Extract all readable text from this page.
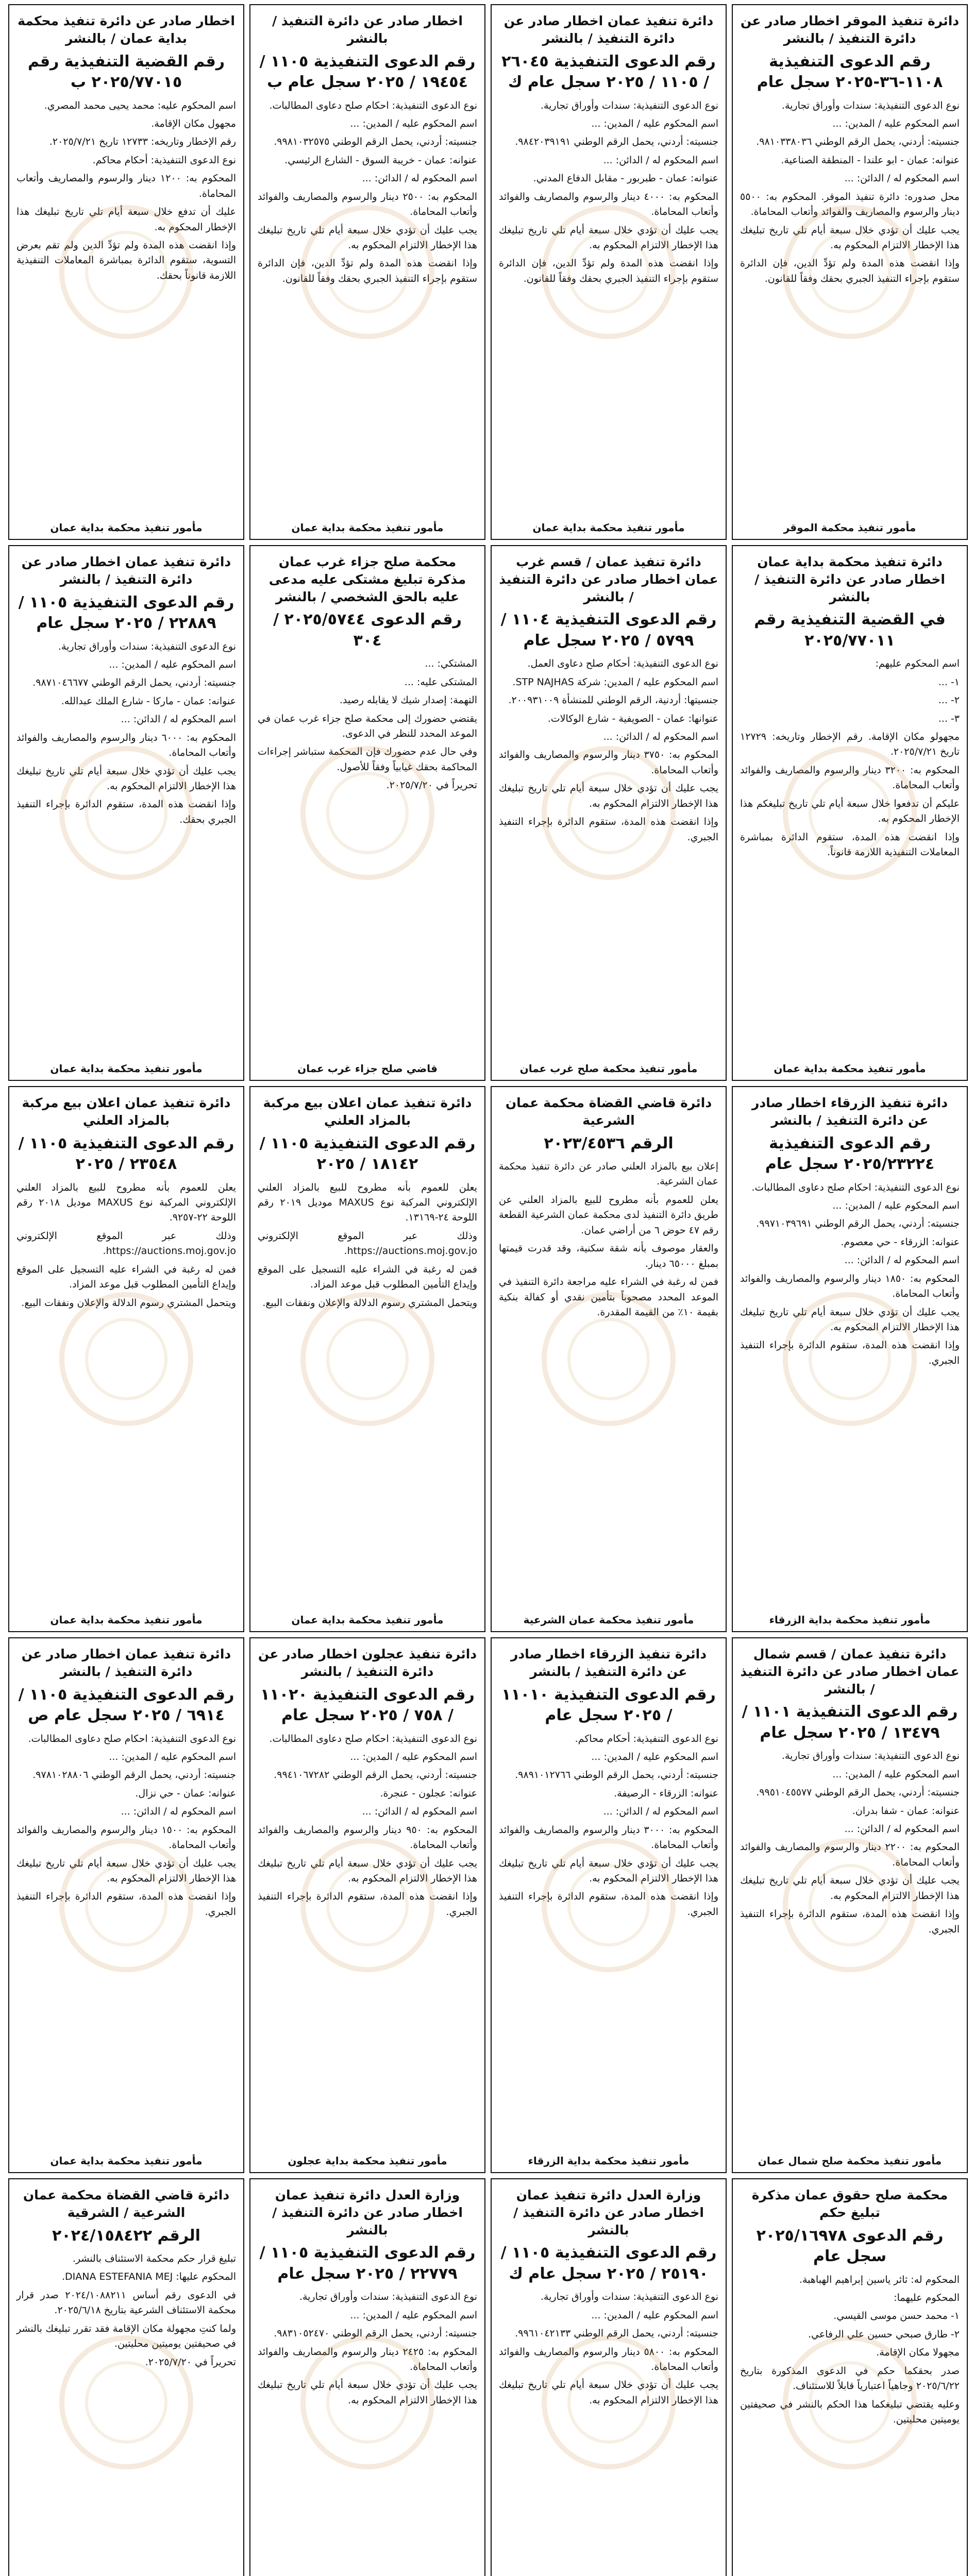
دائرة تنفيذ الموقر اخطار صادر عن دائرة التنفيذ / بالنشر
رقم الدعوى التنفيذية ١١٠٨-٣٦-٢٠٢٥ سجل عام

نوع الدعوى التنفيذية: سندات وأوراق تجارية.

اسم المحكوم عليه / المدين: ...

جنسيته: أردني، يحمل الرقم الوطني ٩٨١٠٣٣٨٠٣٦.

عنوانه: عمان - ابو علندا - المنطقة الصناعية.

اسم المحكوم له / الدائن: ...

محل صدوره: دائرة تنفيذ الموقر. المحكوم به: ٥٥٠٠ دينار والرسوم والمصاريف والفوائد وأتعاب المحاماة.

يجب عليك أن تؤدي خلال سبعة أيام تلي تاريخ تبليغك هذا الإخطار الالتزام المحكوم به.

وإذا انقضت هذه المدة ولم تؤدِّ الدين، فإن الدائرة ستقوم بإجراء التنفيذ الجبري بحقك وفقاً للقانون.

مأمور تنفيذ محكمة الموقر
دائرة تنفيذ عمان اخطار صادر عن دائرة التنفيذ / بالنشر
رقم الدعوى التنفيذية ٢٦٠٤٥ / ١١٠٥ / ٢٠٢٥ سجل عام ك

نوع الدعوى التنفيذية: سندات وأوراق تجارية.

اسم المحكوم عليه / المدين: ...

جنسيته: أردني، يحمل الرقم الوطني ٩٨٤٢٠٣٩١٩١.

اسم المحكوم له / الدائن: ...

عنوانه: عمان - طبربور - مقابل الدفاع المدني.

المحكوم به: ٤٠٠٠ دينار والرسوم والمصاريف والفوائد وأتعاب المحاماة.

يجب عليك أن تؤدي خلال سبعة أيام تلي تاريخ تبليغك هذا الإخطار الالتزام المحكوم به.

وإذا انقضت هذه المدة ولم تؤدِّ الدين، فإن الدائرة ستقوم بإجراء التنفيذ الجبري بحقك وفقاً للقانون.

مأمور تنفيذ محكمة بداية عمان
اخطار صادر عن دائرة التنفيذ / بالنشر
رقم الدعوى التنفيذية ١١٠٥ / ١٩٤٥٤ / ٢٠٢٥ سجل عام ب

نوع الدعوى التنفيذية: احكام صلح دعاوى المطالبات.

اسم المحكوم عليه / المدين: ...

جنسيته: أردني، يحمل الرقم الوطني ٩٩٨١٠٣٢٥٧٥.

عنوانه: عمان - خريبة السوق - الشارع الرئيسي.

اسم المحكوم له / الدائن: ...

المحكوم به: ٢٥٠٠ دينار والرسوم والمصاريف والفوائد وأتعاب المحاماة.

يجب عليك أن تؤدي خلال سبعة أيام تلي تاريخ تبليغك هذا الإخطار الالتزام المحكوم به.

وإذا انقضت هذه المدة ولم تؤدِّ الدين، فإن الدائرة ستقوم بإجراء التنفيذ الجبري بحقك وفقاً للقانون.

مأمور تنفيذ محكمة بداية عمان
اخطار صادر عن دائرة تنفيذ محكمة بداية عمان / بالنشر
رقم القضية التنفيذية رقم ٢٠٢٥/٧٧٠١٥ ب

اسم المحكوم عليه: محمد يحيى محمد المصري.

مجهول مكان الإقامة.

رقم الإخطار وتاريخه: ١٢٧٣٣ تاريخ ٢٠٢٥/٧/٢١.

نوع الدعوى التنفيذية: أحكام محاكم.

المحكوم به: ١٢٠٠ دينار والرسوم والمصاريف وأتعاب المحاماة.

عليك أن تدفع خلال سبعة أيام تلي تاريخ تبليغك هذا الإخطار المحكوم به.

وإذا انقضت هذه المدة ولم تؤدِّ الدين ولم تقم بعرض التسوية، ستقوم الدائرة بمباشرة المعاملات التنفيذية اللازمة قانوناً بحقك.

مأمور تنفيذ محكمة بداية عمان
دائرة تنفيذ محكمة بداية عمان اخطار صادر عن دائرة التنفيذ / بالنشر
في القضية التنفيذية رقم ٢٠٢٥/٧٧٠١١

اسم المحكوم عليهم:

١- ...

٢- ...

٣- ...

مجهولو مكان الإقامة. رقم الإخطار وتاريخه: ١٢٧٢٩ تاريخ ٢٠٢٥/٧/٢١.

المحكوم به: ٣٢٠٠ دينار والرسوم والمصاريف والفوائد وأتعاب المحاماة.

عليكم أن تدفعوا خلال سبعة أيام تلي تاريخ تبليغكم هذا الإخطار المحكوم به.

وإذا انقضت هذه المدة، ستقوم الدائرة بمباشرة المعاملات التنفيذية اللازمة قانوناً.

مأمور تنفيذ محكمة بداية عمان
دائرة تنفيذ عمان / قسم غرب عمان اخطار صادر عن دائرة التنفيذ / بالنشر
رقم الدعوى التنفيذية ١١٠٤ / ٥٧٩٩ / ٢٠٢٥ سجل عام

نوع الدعوى التنفيذية: أحكام صلح دعاوى العمل.

اسم المحكوم عليه / المدين: شركة STP NAJHAS.

جنسيتها: أردنية، الرقم الوطني للمنشأة ٢٠٠٩٣١٠٠٩.

عنوانها: عمان - الصويفية - شارع الوكالات.

اسم المحكوم له / الدائن: ...

المحكوم به: ٣٧٥٠ دينار والرسوم والمصاريف والفوائد وأتعاب المحاماة.

يجب عليك أن تؤدي خلال سبعة أيام تلي تاريخ تبليغك هذا الإخطار الالتزام المحكوم به.

وإذا انقضت هذه المدة، ستقوم الدائرة بإجراء التنفيذ الجبري.

مأمور تنفيذ محكمة صلح غرب عمان
محكمة صلح جزاء غرب عمان مذكرة تبليغ مشتكى عليه مدعى عليه بالحق الشخصي / بالنشر
رقم الدعوى ٢٠٢٥/٥٧٤٤ / ٣٠٤

المشتكي: ...

المشتكى عليه: ...

التهمة: إصدار شيك لا يقابله رصيد.

يقتضي حضورك إلى محكمة صلح جزاء غرب عمان في الموعد المحدد للنظر في الدعوى.

وفي حال عدم حضورك فإن المحكمة ستباشر إجراءات المحاكمة بحقك غيابياً وفقاً للأصول.

تحريراً في ٢٠٢٥/٧/٢٠.

قاضي صلح جزاء غرب عمان
دائرة تنفيذ عمان اخطار صادر عن دائرة التنفيذ / بالنشر
رقم الدعوى التنفيذية ١١٠٥ / ٢٢٨٨٩ / ٢٠٢٥ سجل عام

نوع الدعوى التنفيذية: سندات وأوراق تجارية.

اسم المحكوم عليه / المدين: ...

جنسيته: أردني، يحمل الرقم الوطني ٩٨٧١٠٤٦٦٧٧.

عنوانه: عمان - ماركا - شارع الملك عبدالله.

اسم المحكوم له / الدائن: ...

المحكوم به: ٦٠٠٠ دينار والرسوم والمصاريف والفوائد وأتعاب المحاماة.

يجب عليك أن تؤدي خلال سبعة أيام تلي تاريخ تبليغك هذا الإخطار الالتزام المحكوم به.

وإذا انقضت هذه المدة، ستقوم الدائرة بإجراء التنفيذ الجبري بحقك.

مأمور تنفيذ محكمة بداية عمان
دائرة تنفيذ الزرقاء اخطار صادر عن دائرة التنفيذ / بالنشر
رقم الدعوى التنفيذية ٢٠٢٥/٢٣٢٢٤ سجل عام

نوع الدعوى التنفيذية: احكام صلح دعاوى المطالبات.

اسم المحكوم عليه / المدين: ...

جنسيته: أردني، يحمل الرقم الوطني ٩٩٧١٠٣٩٦٩١.

عنوانه: الزرقاء - حي معصوم.

اسم المحكوم له / الدائن: ...

المحكوم به: ١٨٥٠ دينار والرسوم والمصاريف والفوائد وأتعاب المحاماة.

يجب عليك أن تؤدي خلال سبعة أيام تلي تاريخ تبليغك هذا الإخطار الالتزام المحكوم به.

وإذا انقضت هذه المدة، ستقوم الدائرة بإجراء التنفيذ الجبري.

مأمور تنفيذ محكمة بداية الزرقاء
دائرة قاضي القضاة محكمة عمان الشرعية
الرقم ٢٠٢٣/٤٥٣٦

إعلان بيع بالمزاد العلني صادر عن دائرة تنفيذ محكمة عمان الشرعية.

يعلن للعموم بأنه مطروح للبيع بالمزاد العلني عن طريق دائرة التنفيذ لدى محكمة عمان الشرعية القطعة رقم ٤٧ حوض ٦ من أراضي عمان.

والعقار موصوف بأنه شقة سكنية، وقد قدرت قيمتها بمبلغ ٦٥٠٠٠ دينار.

فمن له رغبة في الشراء عليه مراجعة دائرة التنفيذ في الموعد المحدد مصحوباً بتأمين نقدي أو كفالة بنكية بقيمة ١٠٪ من القيمة المقدرة.

مأمور تنفيذ محكمة عمان الشرعية
دائرة تنفيذ عمان اعلان بيع مركبة بالمزاد العلني
رقم الدعوى التنفيذية ١١٠٥ / ١٨١٤٢ / ٢٠٢٥

يعلن للعموم بأنه مطروح للبيع بالمزاد العلني الإلكتروني المركبة نوع MAXUS موديل ٢٠١٩ رقم اللوحة ٢٤-١٣١٦٩.

وذلك عبر الموقع الإلكتروني https://auctions.moj.gov.jo.

فمن له رغبة في الشراء عليه التسجيل على الموقع وإيداع التأمين المطلوب قبل موعد المزاد.

ويتحمل المشتري رسوم الدلالة والإعلان ونفقات البيع.

مأمور تنفيذ محكمة بداية عمان
دائرة تنفيذ عمان اعلان بيع مركبة بالمزاد العلني
رقم الدعوى التنفيذية ١١٠٥ / ٢٣٥٤٨ / ٢٠٢٥

يعلن للعموم بأنه مطروح للبيع بالمزاد العلني الإلكتروني المركبة نوع MAXUS موديل ٢٠١٨ رقم اللوحة ٢٢-٩٢٥٧.

وذلك عبر الموقع الإلكتروني https://auctions.moj.gov.jo.

فمن له رغبة في الشراء عليه التسجيل على الموقع وإيداع التأمين المطلوب قبل موعد المزاد.

ويتحمل المشتري رسوم الدلالة والإعلان ونفقات البيع.

مأمور تنفيذ محكمة بداية عمان
دائرة تنفيذ عمان / قسم شمال عمان اخطار صادر عن دائرة التنفيذ / بالنشر
رقم الدعوى التنفيذية ١١٠١ / ١٣٤٧٩ / ٢٠٢٥ سجل عام

نوع الدعوى التنفيذية: سندات وأوراق تجارية.

اسم المحكوم عليه / المدين: ...

جنسيته: أردني، يحمل الرقم الوطني ٩٩٥١٠٤٥٥٧٧.

عنوانه: عمان - شفا بدران.

اسم المحكوم له / الدائن: ...

المحكوم به: ٢٢٠٠ دينار والرسوم والمصاريف والفوائد وأتعاب المحاماة.

يجب عليك أن تؤدي خلال سبعة أيام تلي تاريخ تبليغك هذا الإخطار الالتزام المحكوم به.

وإذا انقضت هذه المدة، ستقوم الدائرة بإجراء التنفيذ الجبري.

مأمور تنفيذ محكمة صلح شمال عمان
دائرة تنفيذ الزرقاء اخطار صادر عن دائرة التنفيذ / بالنشر
رقم الدعوى التنفيذية ١١٠١٠ / ٢٠٢٥ سجل عام

نوع الدعوى التنفيذية: أحكام محاكم.

اسم المحكوم عليه / المدين: ...

جنسيته: أردني، يحمل الرقم الوطني ٩٨٩١٠١٢٧٦٦.

عنوانه: الزرقاء - الرصيفة.

اسم المحكوم له / الدائن: ...

المحكوم به: ٣٠٠٠ دينار والرسوم والمصاريف والفوائد وأتعاب المحاماة.

يجب عليك أن تؤدي خلال سبعة أيام تلي تاريخ تبليغك هذا الإخطار الالتزام المحكوم به.

وإذا انقضت هذه المدة، ستقوم الدائرة بإجراء التنفيذ الجبري.

مأمور تنفيذ محكمة بداية الزرقاء
دائرة تنفيذ عجلون اخطار صادر عن دائرة التنفيذ / بالنشر
رقم الدعوى التنفيذية ١١٠٢٠ / ٧٥٨ / ٢٠٢٥ سجل عام

نوع الدعوى التنفيذية: احكام صلح دعاوى المطالبات.

اسم المحكوم عليه / المدين: ...

جنسيته: أردني، يحمل الرقم الوطني ٩٩٤١٠٦٧٢٨٢.

عنوانه: عجلون - عنجرة.

اسم المحكوم له / الدائن: ...

المحكوم به: ٩٥٠ دينار والرسوم والمصاريف والفوائد وأتعاب المحاماة.

يجب عليك أن تؤدي خلال سبعة أيام تلي تاريخ تبليغك هذا الإخطار الالتزام المحكوم به.

وإذا انقضت هذه المدة، ستقوم الدائرة بإجراء التنفيذ الجبري.

مأمور تنفيذ محكمة بداية عجلون
دائرة تنفيذ عمان اخطار صادر عن دائرة التنفيذ / بالنشر
رقم الدعوى التنفيذية ١١٠٥ / ٦٩١٤ / ٢٠٢٥ سجل عام ص

نوع الدعوى التنفيذية: احكام صلح دعاوى المطالبات.

اسم المحكوم عليه / المدين: ...

جنسيته: أردني، يحمل الرقم الوطني ٩٧٨١٠٢٨٨٠٦.

عنوانه: عمان - حي نزال.

اسم المحكوم له / الدائن: ...

المحكوم به: ١٥٠٠ دينار والرسوم والمصاريف والفوائد وأتعاب المحاماة.

يجب عليك أن تؤدي خلال سبعة أيام تلي تاريخ تبليغك هذا الإخطار الالتزام المحكوم به.

وإذا انقضت هذه المدة، ستقوم الدائرة بإجراء التنفيذ الجبري.

مأمور تنفيذ محكمة بداية عمان
محكمة صلح حقوق عمان مذكرة تبليغ حكم
رقم الدعوى ٢٠٢٥/١٦٩٧٨ سجل عام

المحكوم له: ثائر ياسين إبراهيم الهباهبة.

المحكوم عليهما:

١- محمد حسن موسى القيسي.

٢- طارق صبحي حسين علي الرفاعي.

مجهولا مكان الإقامة.

صدر بحقكما حكم في الدعوى المذكورة بتاريخ ٢٠٢٥/٦/٢٢ وجاهياً اعتبارياً قابلاً للاستئناف.

وعليه يقتضي تبليغكما هذا الحكم بالنشر في صحيفتين يوميتين محليتين.

وزارة العدل دائرة تنفيذ عمان اخطار صادر عن دائرة التنفيذ / بالنشر
رقم الدعوى التنفيذية ١١٠٥ / ٢٥١٩٠ / ٢٠٢٥ سجل عام ك

نوع الدعوى التنفيذية: سندات وأوراق تجارية.

اسم المحكوم عليه / المدين: ...

جنسيته: أردني، يحمل الرقم الوطني ٩٩٦١٠٤٢١٣٣.

المحكوم به: ٥٨٠٠ دينار والرسوم والمصاريف والفوائد وأتعاب المحاماة.

يجب عليك أن تؤدي خلال سبعة أيام تلي تاريخ تبليغك هذا الإخطار الالتزام المحكوم به.

وزارة العدل دائرة تنفيذ عمان اخطار صادر عن دائرة التنفيذ / بالنشر
رقم الدعوى التنفيذية ١١٠٥ / ٢٢٧٧٩ / ٢٠٢٥ سجل عام

نوع الدعوى التنفيذية: سندات وأوراق تجارية.

اسم المحكوم عليه / المدين: ...

جنسيته: أردني، يحمل الرقم الوطني ٩٨٣١٠٥٢٤٧٠.

المحكوم به: ٢٤٢٥ دينار والرسوم والمصاريف والفوائد وأتعاب المحاماة.

يجب عليك أن تؤدي خلال سبعة أيام تلي تاريخ تبليغك هذا الإخطار الالتزام المحكوم به.

دائرة قاضي القضاة محكمة عمان الشرعية / الشرقية
الرقم ٢٠٢٤/١٥٨٤٢٢

تبليغ قرار حكم محكمة الاستئناف بالنشر.

المحكوم عليها: DIANA ESTEFANIA MEJ.

في الدعوى رقم أساس ٢٠٢٤/١٠٨٨٢١١ صدر قرار محكمة الاستئناف الشرعية بتاريخ ٢٠٢٥/٦/١٨.

ولما كنتِ مجهولة مكان الإقامة فقد تقرر تبليغك بالنشر في صحيفتين يوميتين محليتين.

تحريراً في ٢٠٢٥/٧/٢٠.
